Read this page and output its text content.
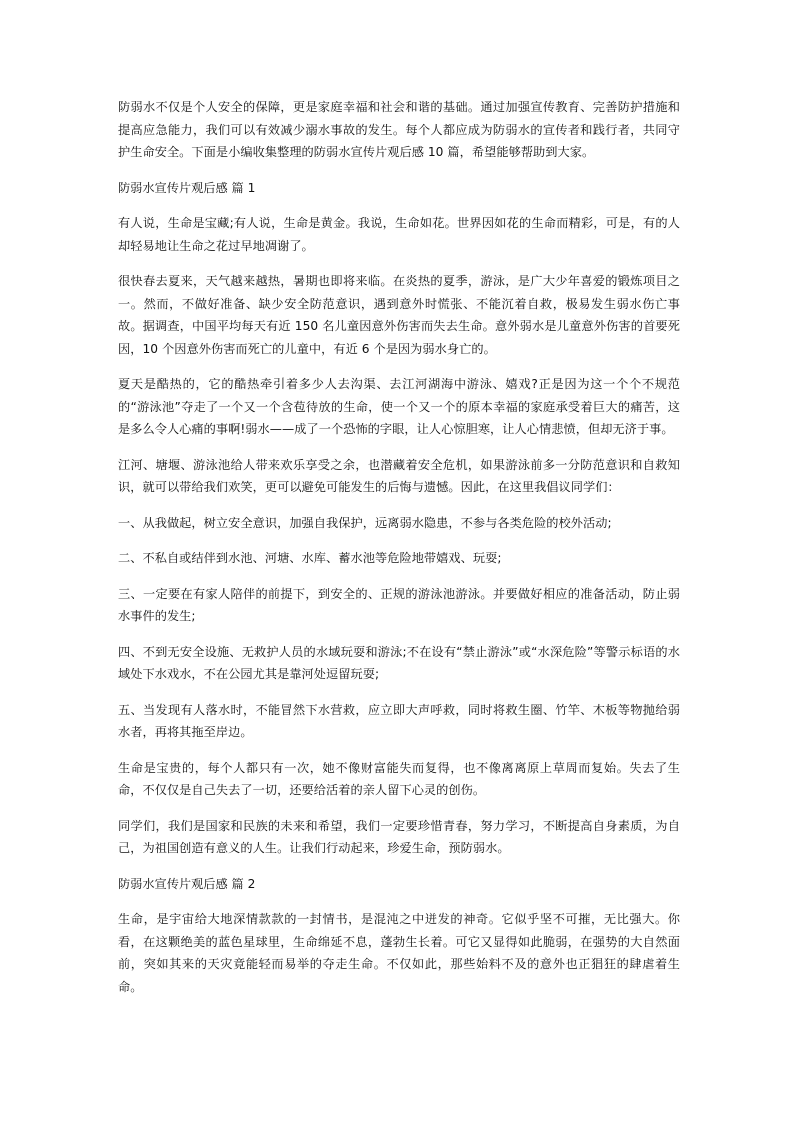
防弱水不仅是个人安全的保障，更是家庭幸福和社会和谐的基础。通过加强宣传教育、完善防护措施和提高应急能力，我们可以有效减少溺水事故的发生。每个人都应成为防弱水的宣传者和践行者，共同守护生命安全。下面是小编收集整理的防弱水宣传片观后感 10 篇，希望能够帮助到大家。

防弱水宣传片观后感 篇 1

有人说，生命是宝藏;有人说，生命是黄金。我说，生命如花。世界因如花的生命而精彩，可是，有的人却轻易地让生命之花过早地凋谢了。

很快春去夏来，天气越来越热，暑期也即将来临。在炎热的夏季，游泳，是广大少年喜爱的锻炼项目之一。然而，不做好准备、缺少安全防范意识，遇到意外时慌张、不能沉着自救，极易发生弱水伤亡事故。据调查，中国平均每天有近 150 名儿童因意外伤害而失去生命。意外弱水是儿童意外伤害的首要死因，10 个因意外伤害而死亡的儿童中，有近 6 个是因为弱水身亡的。

夏天是酷热的，它的酷热牵引着多少人去沟渠、去江河湖海中游泳、嬉戏?正是因为这一个个不规范的“游泳池”夺走了一个又一个含苞待放的生命，使一个又一个的原本幸福的家庭承受着巨大的痛苦，这是多么令人心痛的事啊!弱水——成了一个恐怖的字眼，让人心惊胆寒，让人心情悲愤，但却无济于事。

江河、塘堰、游泳池给人带来欢乐享受之余，也潜藏着安全危机，如果游泳前多一分防范意识和自救知识，就可以带给我们欢笑，更可以避免可能发生的后悔与遗憾。因此，在这里我倡议同学们：

一、从我做起，树立安全意识，加强自我保护，远离弱水隐患，不参与各类危险的校外活动;

二、不私自或结伴到水池、河塘、水库、蓄水池等危险地带嬉戏、玩耍;

三、一定要在有家人陪伴的前提下，到安全的、正规的游泳池游泳。并要做好相应的准备活动，防止弱水事件的发生;

四、不到无安全设施、无救护人员的水域玩耍和游泳;不在设有“禁止游泳”或“水深危险”等警示标语的水域处下水戏水，不在公园尤其是靠河处逗留玩耍;

五、当发现有人落水时，不能冒然下水营救，应立即大声呼救，同时将救生圈、竹竿、木板等物抛给弱水者，再将其拖至岸边。

生命是宝贵的，每个人都只有一次，她不像财富能失而复得，也不像离离原上草周而复始。失去了生命，不仅仅是自己失去了一切，还要给活着的亲人留下心灵的创伤。

同学们，我们是国家和民族的未来和希望，我们一定要珍惜青春，努力学习，不断提高自身素质，为自己，为祖国创造有意义的人生。让我们行动起来，珍爱生命，预防弱水。

防弱水宣传片观后感 篇 2

生命，是宇宙给大地深情款款的一封情书，是混沌之中迸发的神奇。它似乎坚不可摧，无比强大。你看，在这颗绝美的蓝色星球里，生命绵延不息，蓬勃生长着。可它又显得如此脆弱，在强势的大自然面前，突如其来的天灾竟能轻而易举的夺走生命。不仅如此，那些始料不及的意外也正猖狂的肆虐着生命。
